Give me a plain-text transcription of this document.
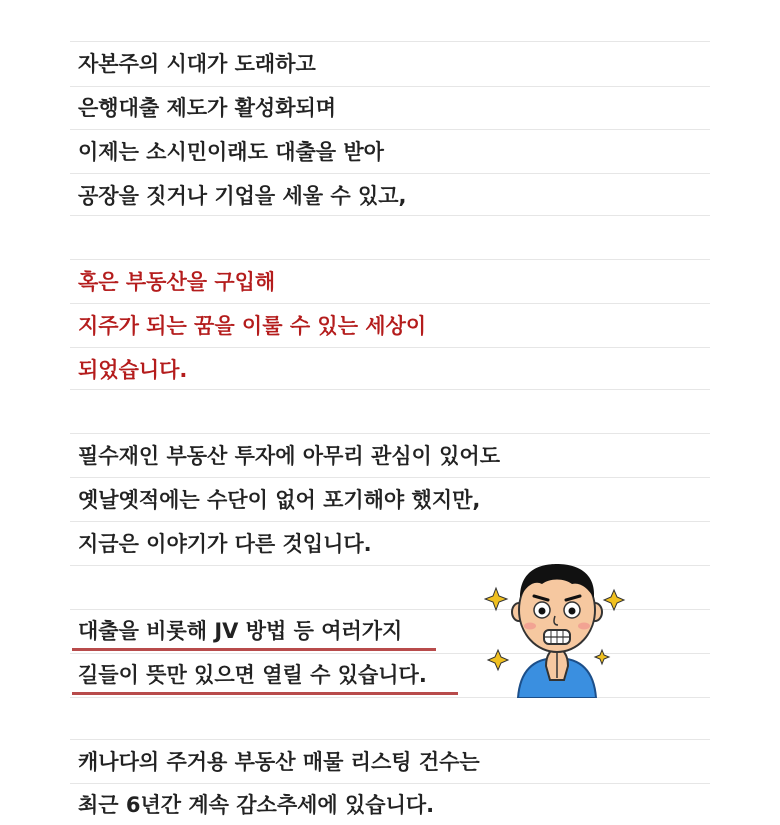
자본주의 시대가 도래하고
은행대출 제도가 활성화되며
이제는 소시민이래도 대출을 받아
공장을 짓거나 기업을 세울 수 있고,
혹은 부동산을 구입해
지주가 되는 꿈을 이룰 수 있는 세상이
되었습니다.
필수재인 부동산 투자에 아무리 관심이 있어도
옛날옛적에는 수단이 없어 포기해야 했지만,
지금은 이야기가 다른 것입니다.
대출을 비롯해 JV 방법 등 여러가지
길들이 뜻만 있으면 열릴 수 있습니다.
캐나다의 주거용 부동산 매물 리스팅 건수는
최근 6년간 계속 감소추세에 있습니다.
